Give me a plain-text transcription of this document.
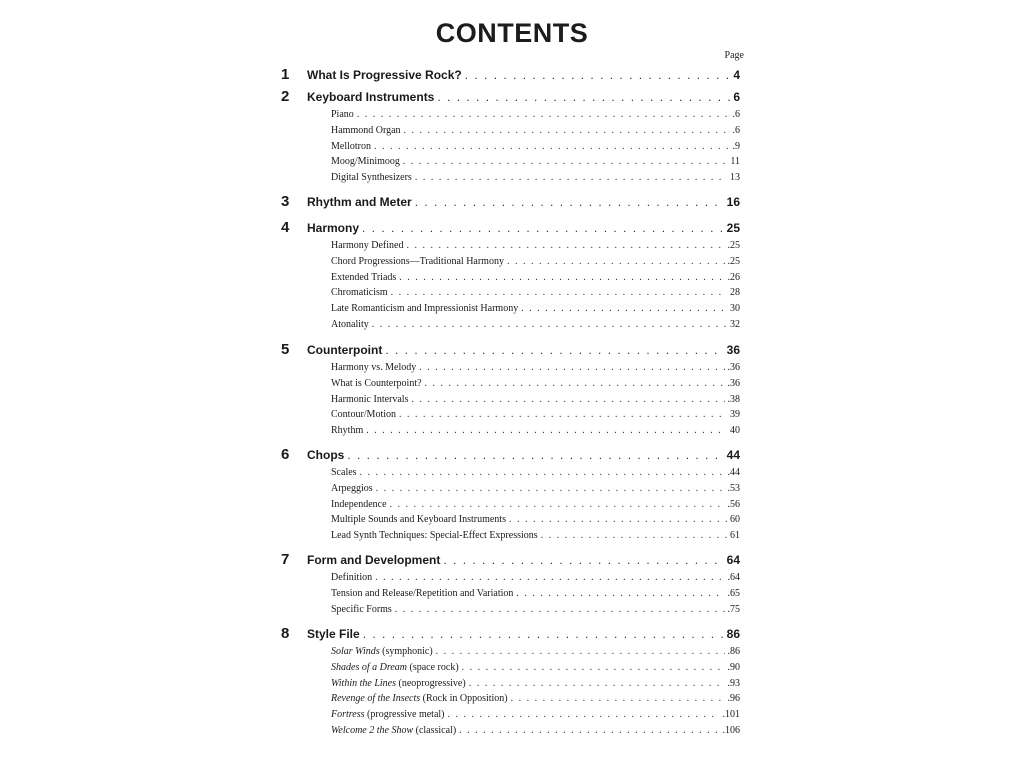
CONTENTS
Page
1	What Is Progressive Rock? . . .	4
2	Keyboard Instruments . . .	6
Piano . . .	.6
Hammond Organ . . .	.6
Mellotron . . .	.9
Moog/Minimoog . . .	11
Digital Synthesizers . . .	13
3	Rhythm and Meter . . .	16
4	Harmony . . .	25
Harmony Defined . . .	.25
Chord Progressions—Traditional Harmony . . .	.25
Extended Triads . . .	.26
Chromaticism . . .	28
Late Romanticism and Impressionist Harmony . . .	30
Atonality . . .	32
5	Counterpoint . . .	36
Harmony vs. Melody . . .	.36
What is Counterpoint? . . .	.36
Harmonic Intervals . . .	.38
Contour/Motion . . .	39
Rhythm . . .	40
6	Chops . . .	44
Scales . . .	.44
Arpeggios . . .	.53
Independence . . .	.56
Multiple Sounds and Keyboard Instruments . . .	60
Lead Synth Techniques: Special-Effect Expressions . . .	61
7	Form and Development . . .	64
Definition . . .	.64
Tension and Release/Repetition and Variation . . .	.65
Specific Forms . . .	.75
8	Style File . . .	86
Solar Winds (symphonic) . . .	.86
Shades of a Dream (space rock) . . .	.90
Within the Lines (neoprogressive) . . .	.93
Revenge of the Insects (Rock in Opposition) . . .	.96
Fortress (progressive metal) . . .	.101
Welcome 2 the Show (classical) . . .	.106
